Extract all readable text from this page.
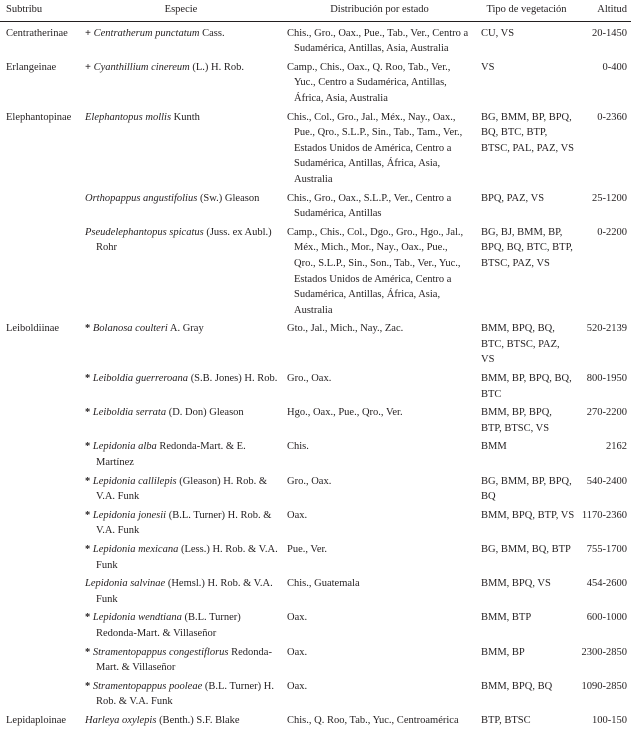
Subtribu	Especie	Distribución por estado	Tipo de vegetación	Altitud
Centratherinae	+ Centratherum punctatum Cass.	Chis., Gro., Oax., Pue., Tab., Ver., Centro a Sudamérica, Antillas, Asia, Australia	CU, VS	20-1450
Erlangeinae	+ Cyanthillium cinereum (L.) H. Rob.	Camp., Chis., Oax., Q. Roo, Tab., Ver., Yuc., Centro a Sudamérica, Antillas, África, Asia, Australia	VS	0-400
Elephantopinae	Elephantopus mollis Kunth	Chis., Col., Gro., Jal., Méx., Nay., Oax., Pue., Qro., S.L.P., Sin., Tab., Tam., Ver., Estados Unidos de América, Centro a Sudamérica, Antillas, África, Asia, Australia	BG, BMM, BP, BPQ, BQ, BTC, BTP, BTSC, PAL, PAZ, VS	0-2360

	Orthopappus angustifolius (Sw.) Gleason	Chis., Gro., Oax., S.L.P., Ver., Centro a Sudamérica, Antillas	BPQ, PAZ, VS	25-1200

	Pseudelephantopus spicatus (Juss. ex Aubl.) Rohr	Camp., Chis., Col., Dgo., Gro., Hgo., Jal., Méx., Mich., Mor., Nay., Oax., Pue., Qro., S.L.P., Sin., Son., Tab., Ver., Yuc., Estados Unidos de América, Centro a Sudamérica, Antillas, África, Asia, Australia	BG, BJ, BMM, BP, BPQ, BQ, BTC, BTP, BTSC, PAZ, VS	0-2200
Leiboldiinae	* Bolanosa coulteri A. Gray	Gto., Jal., Mich., Nay., Zac.	BMM, BPQ, BQ, BTC, BTSC, PAZ, VS	520-2139

	* Leiboldia guerreroana (S.B. Jones) H. Rob.	Gro., Oax.	BMM, BP, BPQ, BQ, BTC	800-1950

	* Leiboldia serrata (D. Don) Gleason	Hgo., Oax., Pue., Qro., Ver.	BMM, BP, BPQ, BTP, BTSC, VS	270-2200

	* Lepidonia alba Redonda-Mart. & E. Martínez	Chis.	BMM	2162

	* Lepidonia callilepis (Gleason) H. Rob. & V.A. Funk	Gro., Oax.	BG, BMM, BP, BPQ, BQ	540-2400

	* Lepidonia jonesii (B.L. Turner) H. Rob. & V.A. Funk	Oax.	BMM, BPQ, BTP, VS	1170-2360

	* Lepidonia mexicana (Less.) H. Rob. & V.A. Funk	Pue., Ver.	BG, BMM, BQ, BTP	755-1700

	Lepidonia salvinae (Hemsl.) H. Rob. & V.A. Funk	Chis., Guatemala	BMM, BPQ, VS	454-2600

	* Lepidonia wendtiana (B.L. Turner) Redonda-Mart. & Villaseñor	Oax.	BMM, BTP	600-1000

	* Stramentopappus congestiflorus Redonda-Mart. & Villaseñor	Oax.	BMM, BP	2300-2850

	* Stramentopappus pooleae (B.L. Turner) H. Rob. & V.A. Funk	Oax.	BMM, BPQ, BQ	1090-2850
Lepidaploinae	Harleya oxylepis (Benth.) S.F. Blake	Chis., Q. Roo, Tab., Yuc., Centroamérica	BTP, BTSC	100-150
